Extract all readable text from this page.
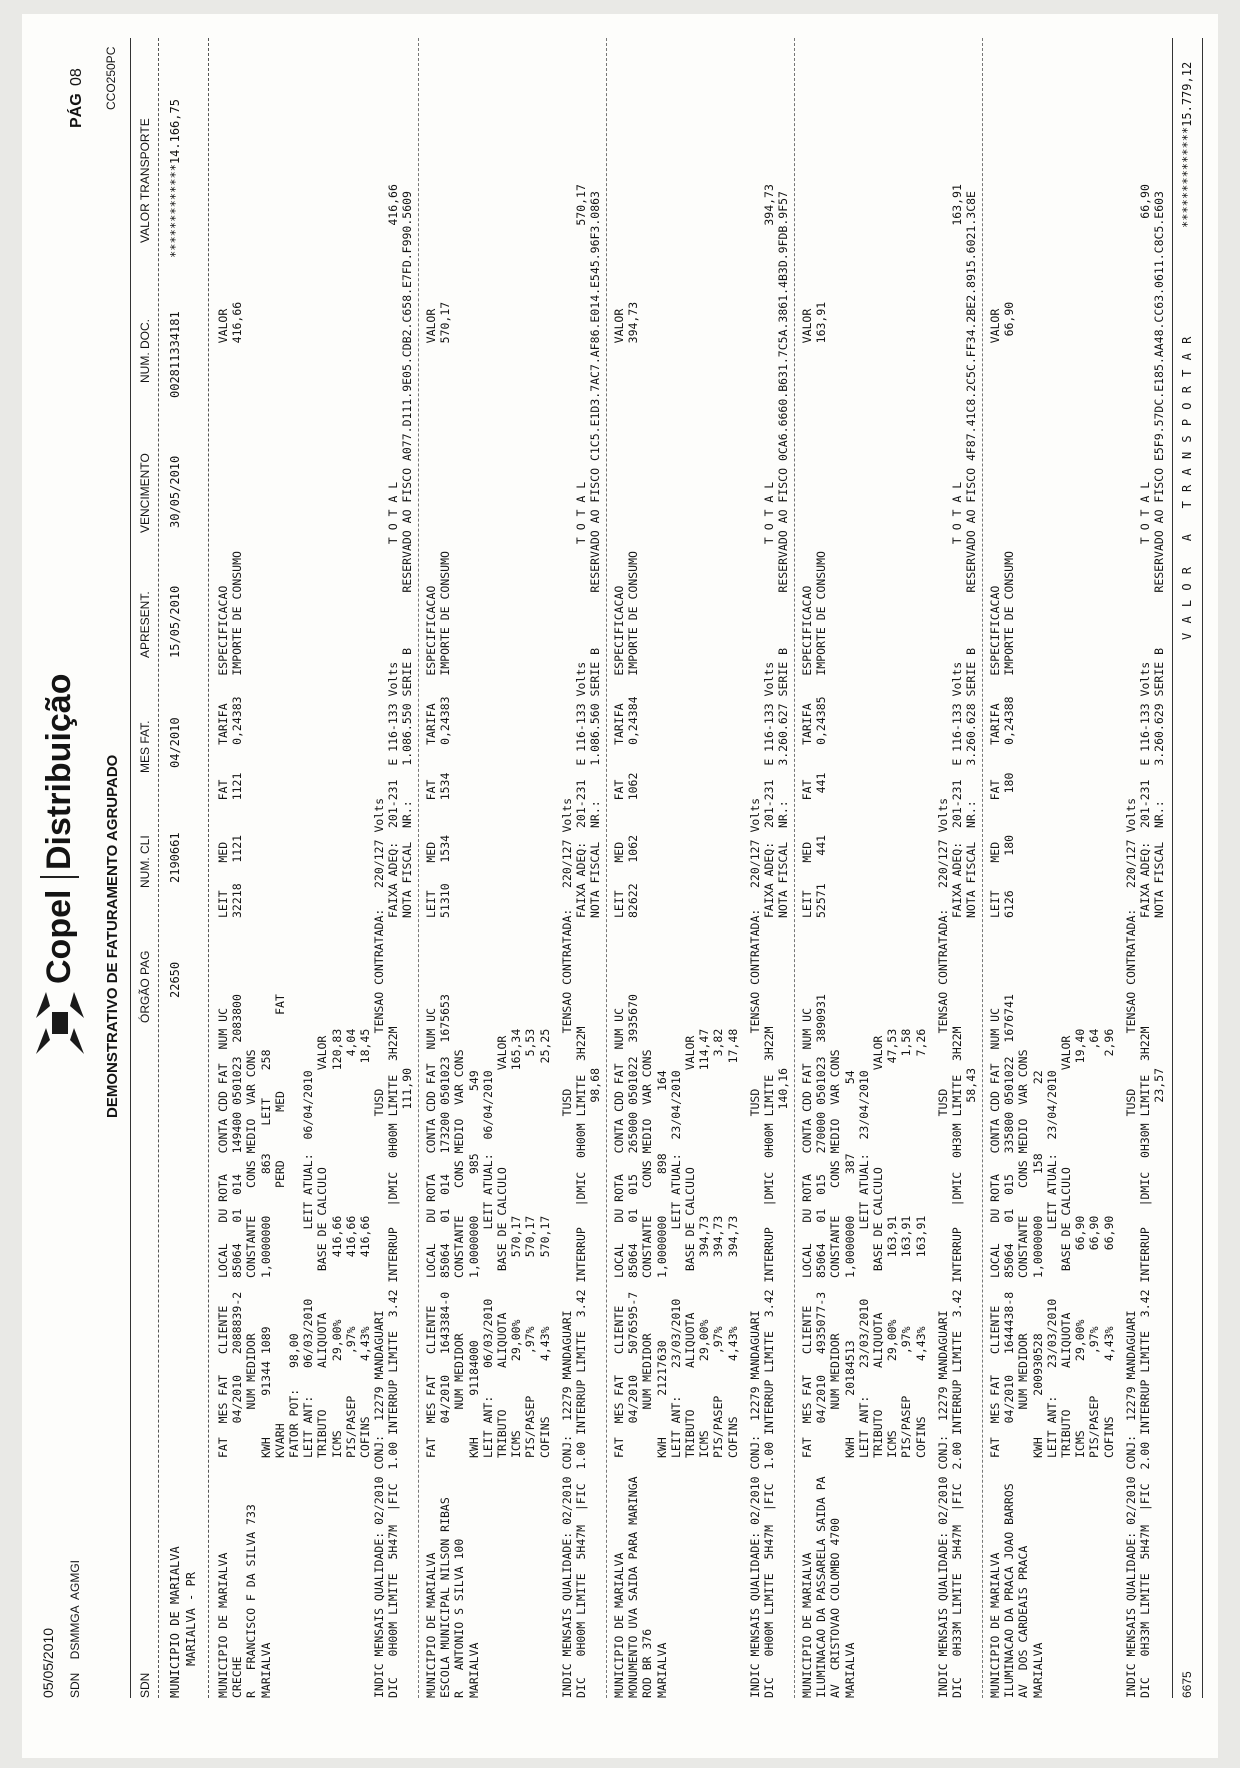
05/05/2010 SDN    DSMMGA  AGMGI
Copel
Distribuição DEMONSTRATIVO DE FATURAMENTO AGRUPADO
PÁG
08 CCO250PC
SDN
ÓRGÃO PAG
NUM. CLI
MES FAT.
APRESENT.
VENCIMENTO
NUM. DOC.
VALOR TRANSPORTE
MUNICIPIO DE MARIALVA MARIALVA - PR
22650
2190661
04/2010
15/05/2010
30/05/2010
002811334181
*************14.166,75
MUNICIPIO DE MARIALVA
CRECHE
R   FRANCISCO F DA SILVA 733
MARIALVA
FAT  MES FAT   CLIENTE    LOCAL   DU ROTA   CONTA CDD FAT  NUM UC
04/2010   2088839-2  85064   01  014   149400 0501023  2083800
NUM MEDIDOR        CONSTANTE    CONS MEDIO  VAR CONS
KWH      91344 1089       1,0000000      863    LEIT    258
KVARH                                  PERD       MED           FAT
FATOR POT:   98,00
LEIT ANT:    06/03/2010          LEIT ATUAL:  06/04/2010
TRIBUTO      ALIQUOTA      BASE DE CALCULO              VALOR
ICMS          29,00%         416,66                     120,83
PIS/PASEP      ,97%          416,66                       4,04
COFINS        4,43%          416,66                      18,45
LEIT    MED      FAT     TARIFA    ESPECIFICACAO                                   VALOR
32218   1121     1121    0,24383   IMPORTE DE CONSUMO                              416,66
INDIC MENSAIS QUALIDADE: 02/2010 CONJ:  12279 MANDAGUARI                            TUSD        TENSAO CONTRATADA:   220/127 Volts
DIC   0H00M LIMITE  5H47M  |FIC  1.00 INTERRUP LIMITE  3.42 INTERRUP   |DMIC  0H00M LIMITE  3H22M
111,90
FAIXA ADEQ:  201-231  E 116-133 Volts                 T O T A L                                     416,66
NOTA FISCAL  NR.:     1.086.550 SERIE B        RESERVADO AO FISCO A077.D111.9E05.CDB2.C658.E7FD.F990.5609
MUNICIPIO DE MARIALVA
ESCOLA MUNICIPAL NILSON RIBAS
R   ANTONIO S SILVA 100
MARIALVA
FAT  MES FAT   CLIENTE    LOCAL   DU ROTA   CONTA CDD FAT  NUM UC
04/2010   1643384-0  85064   01  014   173200 0501023  1675653
NUM MEDIDOR        CONSTANTE    CONS MEDIO  VAR CONS
KWH      91184000         1,0000000      985         549
LEIT ANT:    06/03/2010          LEIT ATUAL:  06/04/2010
TRIBUTO      ALIQUOTA      BASE DE CALCULO              VALOR
ICMS          29,00%         570,17                     165,34
PIS/PASEP      ,97%          570,17                       5,53
COFINS        4,43%          570,17                      25,25
LEIT    MED      FAT     TARIFA    ESPECIFICACAO                                   VALOR
51310   1534     1534    0,24383   IMPORTE DE CONSUMO                              570,17
INDIC MENSAIS QUALIDADE: 02/2010 CONJ:  12279 MANDAGUARI                            TUSD        TENSAO CONTRATADA:   220/127 Volts
DIC   0H00M LIMITE  5H47M  |FIC  1.00 INTERRUP LIMITE  3.42 INTERRUP   |DMIC  0H00M LIMITE  3H22M
98,68
FAIXA ADEQ:  201-231  E 116-133 Volts                 T O T A L                                     570,17
NOTA FISCAL  NR.:     1.086.560 SERIE B        RESERVADO AO FISCO C1C5.E1D3.7AC7.AF86.E014.E545.96F3.0863
MUNICIPIO DE MARIALVA
MONUMENTO UVA SAIDA PARA MARINGA
ROD BR 376
MARIALVA
FAT  MES FAT   CLIENTE    LOCAL   DU ROTA   CONTA CDD FAT  NUM UC
04/2010   5076595-7  85064   01  015   265000 0501022  3935670
NUM MEDIDOR        CONSTANTE    CONS MEDIO  VAR CONS
KWH      21217630         1,0000000      898         164
LEIT ANT:    23/03/2010          LEIT ATUAL:  23/04/2010
TRIBUTO      ALIQUOTA      BASE DE CALCULO              VALOR
ICMS          29,00%         394,73                     114,47
PIS/PASEP      ,97%          394,73                       3,82
COFINS        4,43%          394,73                      17,48
LEIT    MED      FAT     TARIFA    ESPECIFICACAO                                   VALOR
82622   1062     1062    0,24384   IMPORTE DE CONSUMO                              394,73
INDIC MENSAIS QUALIDADE: 02/2010 CONJ:  12279 MANDAGUARI                            TUSD        TENSAO CONTRATADA:   220/127 Volts
DIC   0H00M LIMITE  5H47M  |FIC  1.00 INTERRUP LIMITE  3.42 INTERRUP   |DMIC  0H00M LIMITE  3H22M
140,16
FAIXA ADEQ:  201-231  E 116-133 Volts                 T O T A L                                     394,73
NOTA FISCAL  NR.:     3.260.627 SERIE B        RESERVADO AO FISCO 0CA6.6660.B631.7C5A.3861.4B3D.9FDB.9F57
MUNICIPIO DE MARIALVA
ILUMINACAO DA PASSARELA SAIDA PA
AV  CRISTOVAO COLOMBO 4700
MARIALVA
FAT  MES FAT   CLIENTE    LOCAL   DU ROTA   CONTA CDD FAT  NUM UC
04/2010   4935077-3  85064   01  015   270000 0501023  3890931
NUM MEDIDOR        CONSTANTE    CONS MEDIO  VAR CONS
KWH      20184513         1,0000000      387          54
LEIT ANT:    23/03/2010          LEIT ATUAL:  23/04/2010
TRIBUTO      ALIQUOTA      BASE DE CALCULO              VALOR
ICMS          29,00%         163,91                      47,53
PIS/PASEP      ,97%          163,91                       1,58
COFINS        4,43%          163,91                       7,26
LEIT    MED      FAT     TARIFA    ESPECIFICACAO                                   VALOR
52571    441      441    0,24385   IMPORTE DE CONSUMO                              163,91
INDIC MENSAIS QUALIDADE: 02/2010 CONJ:  12279 MANDAGUARI                            TUSD        TENSAO CONTRATADA:   220/127 Volts
DIC   0H33M LIMITE  5H47M  |FIC  2.00 INTERRUP LIMITE  3.42 INTERRUP   |DMIC  0H30M LIMITE  3H22M
58,43
FAIXA ADEQ:  201-231  E 116-133 Volts                 T O T A L                                     163,91
NOTA FISCAL  NR.:     3.260.628 SERIE B        RESERVADO AO FISCO 4F87.41C8.2C5C.FF34.2BE2.8915.6021.3C8E
MUNICIPIO DE MARIALVA
ILUMINACAO DA PRACA JOAO BARROS
AV  DOS CARDEAIS PRACA
MARIALVA
FAT  MES FAT   CLIENTE    LOCAL   DU ROTA   CONTA CDD FAT  NUM UC
04/2010   1644438-8  85064   01  015   335800 0501022  1676741
NUM MEDIDOR        CONSTANTE    CONS MEDIO  VAR CONS
KWH      200930528        1,0000000      158          22
LEIT ANT:    23/03/2010          LEIT ATUAL:  23/04/2010
TRIBUTO      ALIQUOTA      BASE DE CALCULO              VALOR
ICMS          29,00%          66,90                      19,40
PIS/PASEP      ,97%           66,90                        ,64
COFINS        4,43%           66,90                       2,96
LEIT    MED      FAT     TARIFA    ESPECIFICACAO                                   VALOR
6126     180      180    0,24388   IMPORTE DE CONSUMO                               66,90
INDIC MENSAIS QUALIDADE: 02/2010 CONJ:  12279 MANDAGUARI                            TUSD        TENSAO CONTRATADA:   220/127 Volts
DIC   0H33M LIMITE  5H47M  |FIC  2.00 INTERRUP LIMITE  3.42 INTERRUP   |DMIC  0H30M LIMITE  3H22M
23,57
FAIXA ADEQ:  201-231  E 116-133 Volts                 T O T A L                                      66,90
NOTA FISCAL  NR.:     3.260.629 SERIE B        RESERVADO AO FISCO E5F9.57DC.E185.AA48.CC63.0611.C8C5.E603
6675
V A L O R   A   T R A N S P O R T A R
**************15.779,12
